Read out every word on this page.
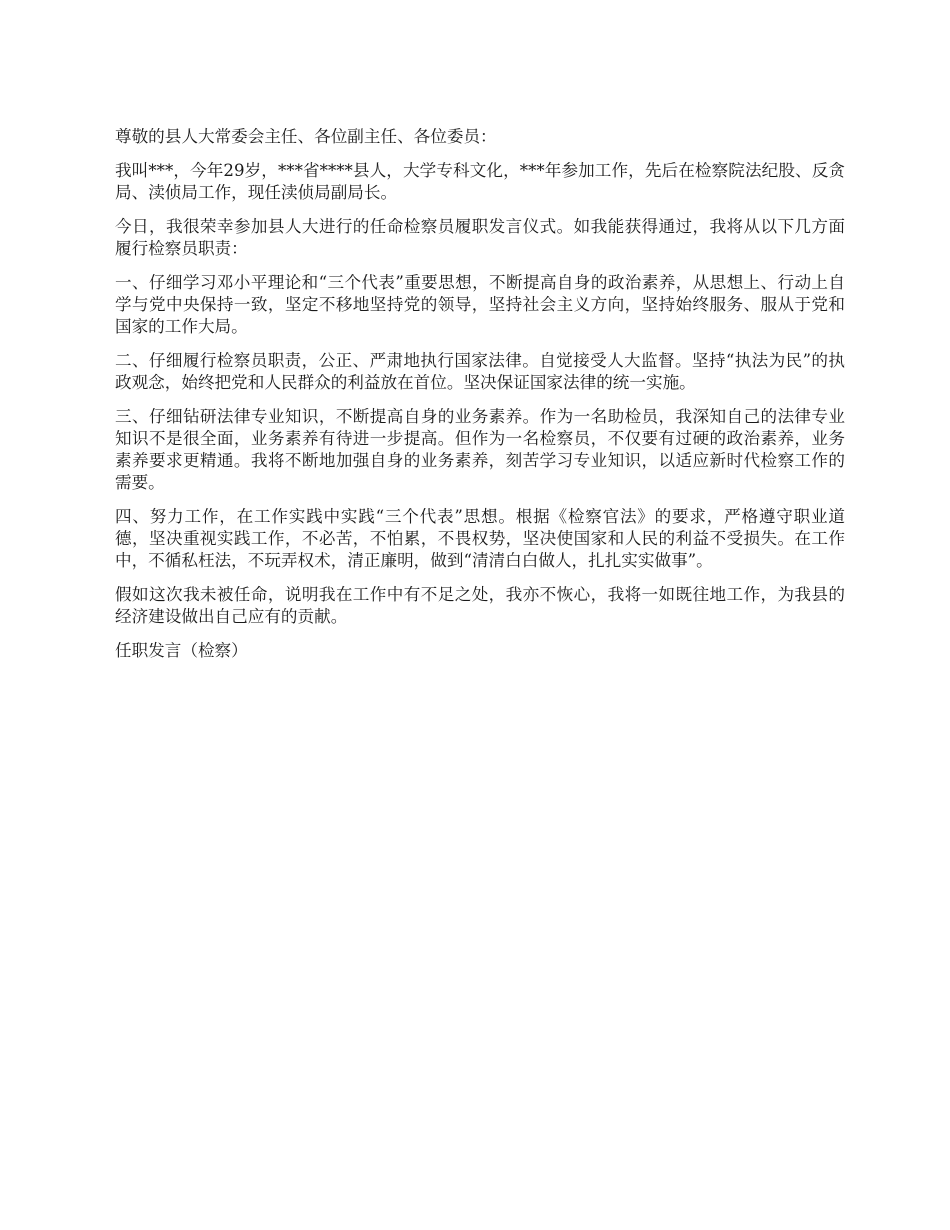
尊敬的县人大常委会主任、各位副主任、各位委员：

我叫***，今年29岁，***省****县人，大学专科文化，***年参加工作，先后在检察院法纪股、反贪局、渎侦局工作，现任渎侦局副局长。

今日，我很荣幸参加县人大进行的任命检察员履职发言仪式。如我能获得通过，我将从以下几方面履行检察员职责：

一、仔细学习邓小平理论和“三个代表”重要思想，不断提高自身的政治素养，从思想上、行动上自学与党中央保持一致，坚定不移地坚持党的领导，坚持社会主义方向，坚持始终服务、服从于党和国家的工作大局。

二、仔细履行检察员职责，公正、严肃地执行国家法律。自觉接受人大监督。坚持“执法为民”的执政观念，始终把党和人民群众的利益放在首位。坚决保证国家法律的统一实施。

三、仔细钻研法律专业知识，不断提高自身的业务素养。作为一名助检员，我深知自己的法律专业知识不是很全面，业务素养有待进一步提高。但作为一名检察员，不仅要有过硬的政治素养，业务素养要求更精通。我将不断地加强自身的业务素养，刻苦学习专业知识，以适应新时代检察工作的需要。

四、努力工作，在工作实践中实践“三个代表”思想。根据《检察官法》的要求，严格遵守职业道德，坚决重视实践工作，不必苦，不怕累，不畏权势，坚决使国家和人民的利益不受损失。在工作中，不循私枉法，不玩弄权术，清正廉明，做到“清清白白做人，扎扎实实做事”。

假如这次我未被任命，说明我在工作中有不足之处，我亦不恢心，我将一如既往地工作，为我县的经济建设做出自己应有的贡献。

任职发言（检察）
